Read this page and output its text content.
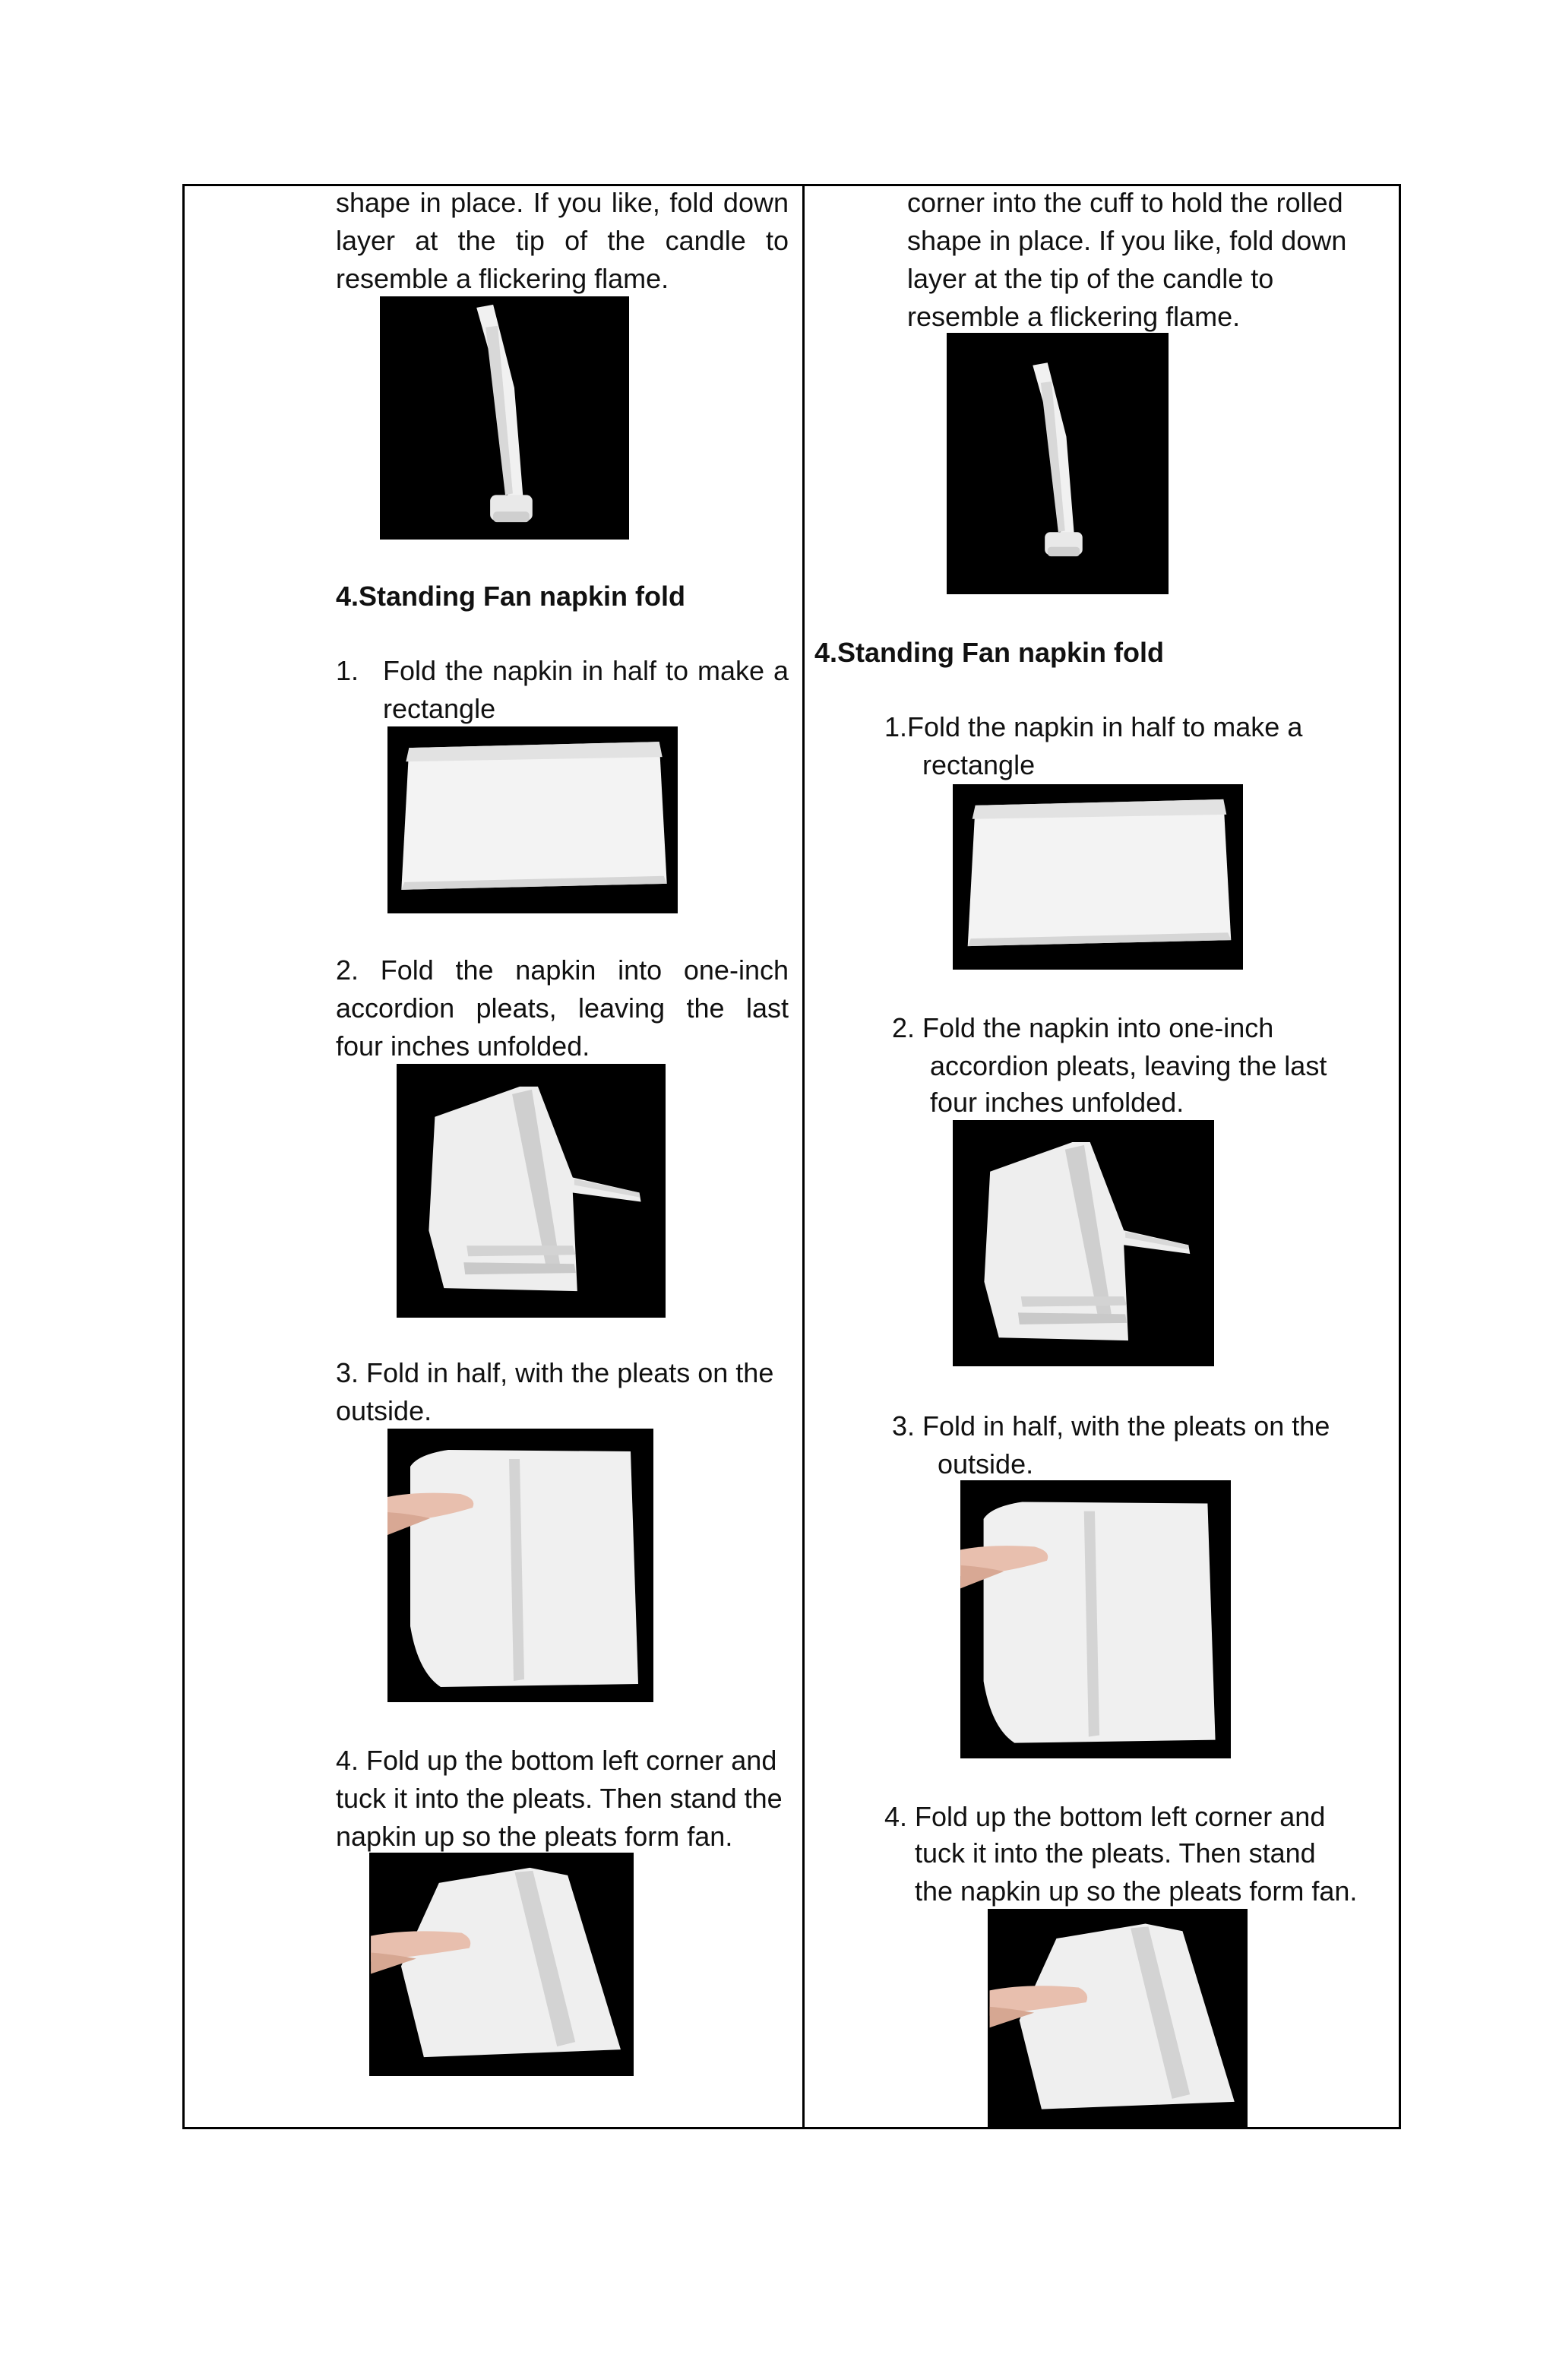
shape in place. If you like, fold down
layer at the tip of the candle to
resemble a flickering flame.
4.Standing Fan napkin fold
1. Fold the napkin in half to make a
rectangle
2. Fold the napkin into one-inch
accordion pleats, leaving the last
four inches unfolded.
3. Fold in half, with the pleats on the
outside.
4. Fold up the bottom left corner and
tuck it into the pleats. Then stand the
napkin up so the pleats form fan.
corner into the cuff to hold the rolled
shape in place. If you like, fold down
layer at the tip of the candle to
resemble a flickering flame.
4.Standing Fan napkin fold
1.Fold the napkin in half to make a
rectangle
2. Fold the napkin into one-inch
accordion pleats, leaving the last
four inches unfolded.
3. Fold in half, with the pleats on the
outside.
4. Fold up the bottom left corner and
tuck it into the pleats. Then stand
the napkin up so the pleats form fan.
